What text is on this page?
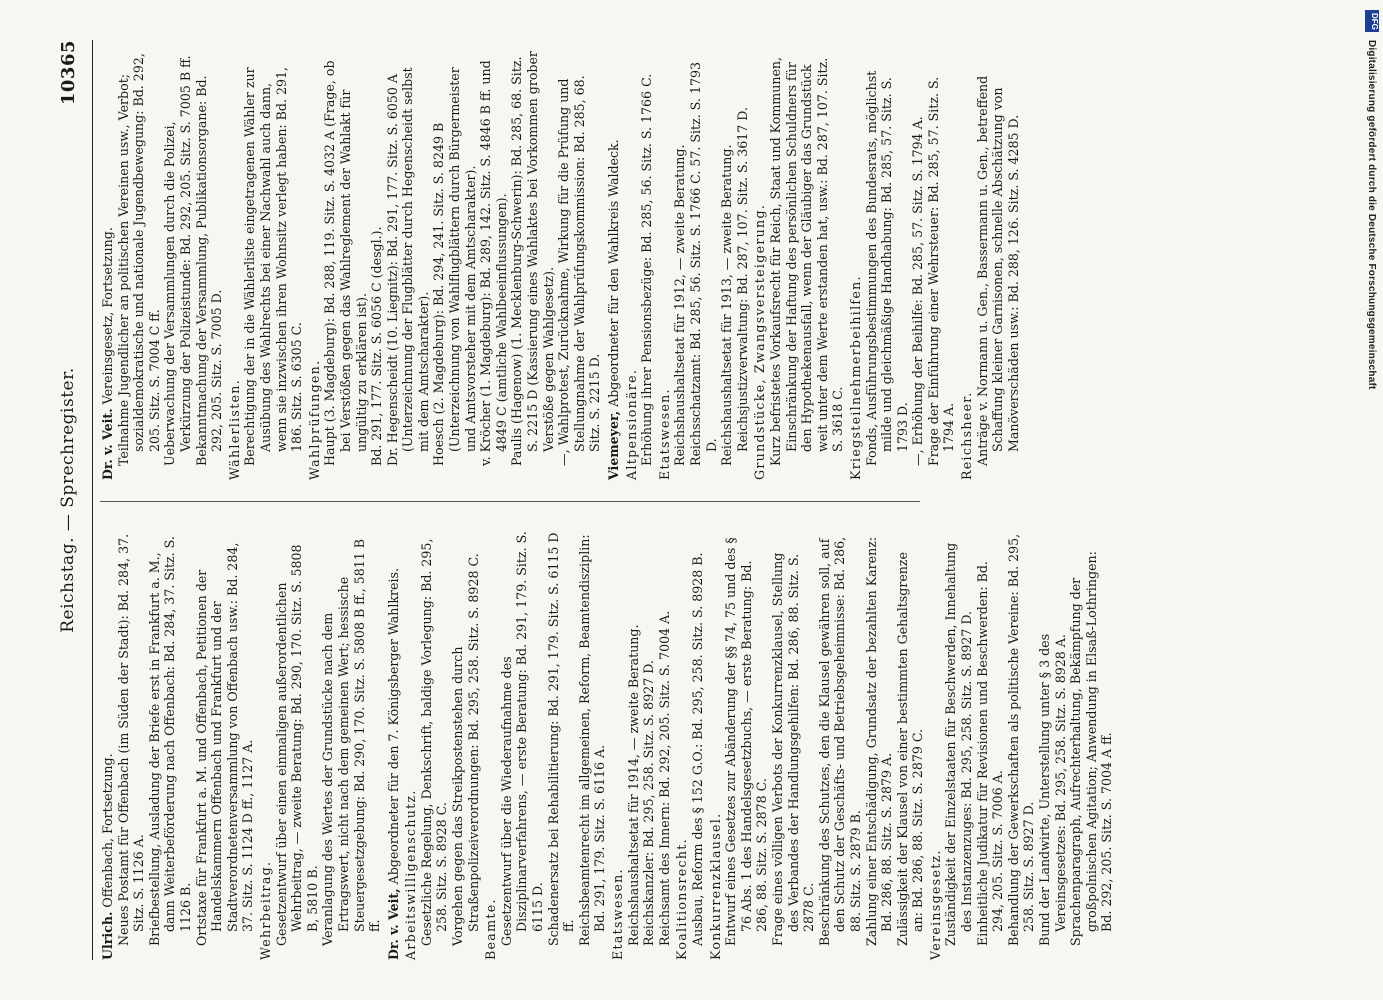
Reichstag. — Sprechregister.
10365
Ulrich. Offenbach, Fortsetzung. Neues Postamt für Offenbach (im Süden der Stadt): Bd. 284, 37. Sitz. S. 1126 A. Briefbestellung, Ausladung der Briefe erst in Frankfurt a. M., dann Weiterbeförderung nach Offenbach: Bd. 284, 37. Sitz. S. 1126 B. Ortstaxe für Frankfurt a. M. und Offenbach, Petitionen der Handelskammern Offenbach und Frankfurt und der Stadtverordnetenversammlung von Offenbach usw.: Bd. 284, 37. Sitz. S. 1124 D ff., 1127 A. Wehrbeitrag. Gesetzentwurf über einen einmaligen außerordentlichen Wehrbeitrag, — zweite Beratung: Bd. 290, 170. Sitz. S. 5808 B, 5810 B. Veranlagung des Wertes der Grundstücke nach dem Ertragswert, nicht nach dem gemeinen Wert; hessische Steuergesetzgebung: Bd. 290, 170. Sitz. S. 5808 B ff., 5811 B ff. Dr. v. Veit, Abgeordneter für den 7. Königsberger Wahlkreis. Arbeitswilligenschutz. Gesetzliche Regelung, Denkschrift, baldige Vorlegung: Bd. 295, 258. Sitz. S. 8928 C. Vorgehen gegen das Streikpostenstehen durch Straßenpolizeiverordnungen: Bd. 295, 258. Sitz. S. 8928 C. Beamte. Gesetzentwurf über die Wiederaufnahme des Disziplinarverfahrens, — erste Beratung: Bd. 291, 179. Sitz. S. 6115 D. Schadenersatz bei Rehabilitierung: Bd. 291, 179. Sitz. S. 6115 D ff. Reichsbeamtenrecht im allgemeinen, Reform, Beamtendisziplin: Bd. 291, 179. Sitz. S. 6116 A. Etatswesen. Reichshaushaltsetat für 1914, — zweite Beratung. Reichskanzler: Bd. 295, 258. Sitz. S. 8927 D. Reichsamt des Innern: Bd. 292, 205. Sitz. S. 7004 A. Koalitionsrecht. Ausbau, Reform des § 152 G.O.: Bd. 295, 258. Sitz. S. 8928 B. Konkurrenzklausel. Entwurf eines Gesetzes zur Abänderung der §§ 74, 75 und des § 76 Abs. 1 des Handelsgesetzbuchs, — erste Beratung: Bd. 286, 88. Sitz. S. 2878 C. Frage eines völligen Verbots der Konkurrenzklausel, Stellung des Verbandes der Handlungsgehilfen: Bd. 286, 88. Sitz. S. 2878 C. Beschränkung des Schutzes, den die Klausel gewähren soll, auf den Schutz der Geschäfts- und Betriebsgeheimnisse: Bd. 286, 88. Sitz. S. 2879 B. Zahlung einer Entschädigung, Grundsatz der bezahlten Karenz: Bd. 286, 88. Sitz. S. 2879 A. Zulässigkeit der Klausel von einer bestimmten Gehaltsgrenze an: Bd. 286, 88. Sitz. S. 2879 C. Vereinsgesetz. Zuständigkeit der Einzelstaaten für Beschwerden, Innehaltung des Instanzenzuges: Bd. 295, 258. Sitz. S. 8927 D. Einheitliche Judikatur für Revisionen und Beschwerden: Bd. 294, 205. Sitz. S. 7006 A. Behandlung der Gewerkschaften als politische Vereine: Bd. 295, 258. Sitz. S. 8927 D. Bund der Landwirte, Unterstellung unter § 3 des Vereinsgesetzes: Bd. 295, 258. Sitz. S. 8928 A. Sprachenparagraph, Aufrechterhaltung, Bekämpfung der großpolnischen Agitation; Anwendung in Elsaß-Lothringen: Bd. 292, 205. Sitz. S. 7004 A ff.
Dr. v. Veit. Vereinsgesetz, Fortsetzung. Teilnahme Jugendlicher an politischen Vereinen usw., Verbot; sozialdemokratische und nationale Jugendbewegung: Bd. 292, 205. Sitz. S. 7004 C ff. Ueberwachung der Versammlungen durch die Polizei, Verkürzung der Polizeistunde: Bd. 292, 205. Sitz. S. 7005 B ff. Bekanntmachung der Versammlung, Publikationsorgane: Bd. 292, 205. Sitz. S. 7005 D. Wählerlisten. Berechtigung der in die Wählerliste eingetragenen Wähler zur Ausübung des Wahlrechts bei einer Nachwahl auch dann, wenn sie inzwischen ihren Wohnsitz verlegt haben: Bd. 291, 186. Sitz. S. 6305 C. Wahlprüfungen. Haupt (3. Magdeburg): Bd. 288, 119. Sitz. S. 4032 A (Frage, ob bei Verstößen gegen das Wahlreglement der Wahlakt für ungültig zu erklären ist). Bd. 291, 177. Sitz. S. 6056 C (desgl.). Dr. Hegenscheidt (10. Liegnitz): Bd. 291, 177. Sitz. S. 6050 A (Unterzeichnung der Flugblätter durch Hegenscheidt selbst mit dem Amtscharakter). Hoesch (2. Magdeburg): Bd. 294, 241. Sitz. S. 8249 B (Unterzeichnung von Wahlflugblättern durch Bürgermeister und Amtsvorsteher mit dem Amtscharakter). v. Kröcher (1. Magdeburg): Bd. 289, 142. Sitz. S. 4846 B ff. und 4849 C (amtliche Wahlbeeinflussungen). Paulis (Hagenow) (1. Mecklenburg-Schwerin): Bd. 285, 68. Sitz. S. 2215 D (Kassierung eines Wahlaktes bei Vorkommen grober Verstöße gegen Wahlgesetz). —, Wahlprotest, Zurücknahme, Wirkung für die Prüfung und Stellungnahme der Wahlprüfungskommission: Bd. 285, 68. Sitz. S. 2215 D. Viemeyer, Abgeordneter für den Wahlkreis Waldeck.
Altpensionäre. Erhöhung ihrer Pensionsbezüge: Bd. 285, 56. Sitz. S. 1766 C. Etatswesen. Reichshaushaltsetat für 1912, — zweite Beratung. Reichsschatzamt: Bd. 285, 56. Sitz. S. 1766 C. 57. Sitz. S. 1793 D. Reichshaushaltsetat für 1913, — zweite Beratung. Reichsjustizverwaltung: Bd. 287, 107. Sitz. S. 3617 D. Grundstücke, Zwangsversteigerung. Kurz befristetes Vorkaufsrecht für Reich, Staat und Kommunen, Einschränkung der Haftung des persönlichen Schuldners für den Hypothekenausfall, wenn der Gläubiger das Grundstück weit unter dem Werte erstanden hat, usw.: Bd. 287, 107. Sitz. S. 3618 C. Kriegsteilnehmerbeihilfen. Fonds, Ausführungsbestimmungen des Bundesrats, möglichst milde und gleichmäßige Handhabung: Bd. 285, 57. Sitz. S. 1793 D. —, Erhöhung der Beihilfe: Bd. 285, 57. Sitz. S. 1794 A. Frage der Einführung einer Wehrsteuer: Bd. 285, 57. Sitz. S. 1794 A. Reichsheer. Anträge v. Normann u. Gen., Bassermann u. Gen., betreffend Schaffung kleiner Garnisonen, schnelle Abschätzung von Manöverschäden usw.: Bd. 288, 126. Sitz. S. 4285 D.
DFG
Digitalisierung gefördert durch die Deutsche Forschungsgemeinschaft
